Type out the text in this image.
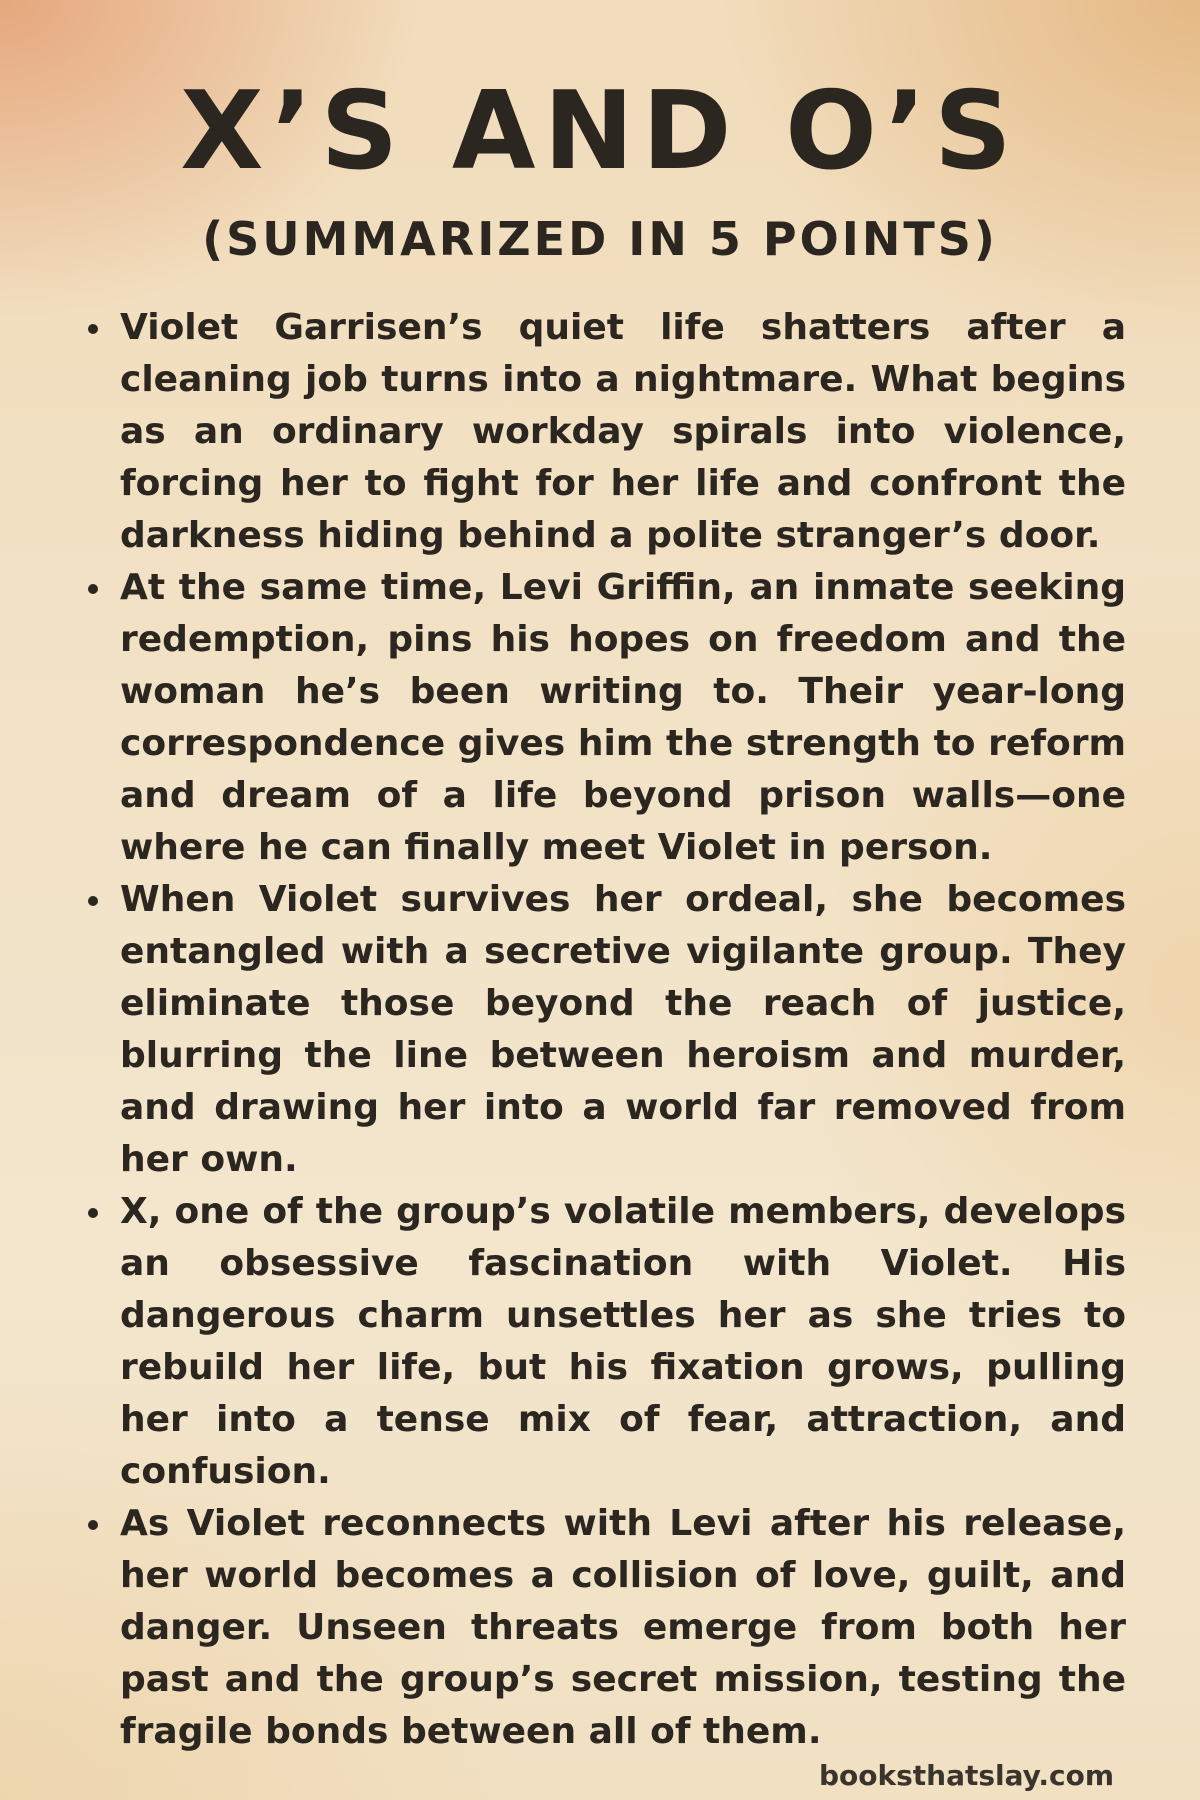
X’S AND O’S
(SUMMARIZED IN 5 POINTS)
Violet Garrisen’s quiet life shatters after a cleaning job turns into a nightmare. What begins as an ordinary workday spirals into violence, forcing her to fight for her life and confront the darkness hiding behind a polite stranger’s door.
At the same time, Levi Griffin, an inmate seeking redemption, pins his hopes on freedom and the woman he’s been writing to. Their year-long correspondence gives him the strength to reform and dream of a life beyond prison walls—one where he can finally meet Violet in person.
When Violet survives her ordeal, she becomes entangled with a secretive vigilante group. They eliminate those beyond the reach of justice, blurring the line between heroism and murder, and drawing her into a world far removed from her own.
X, one of the group’s volatile members, develops an obsessive fascination with Violet. His dangerous charm unsettles her as she tries to rebuild her life, but his fixation grows, pulling her into a tense mix of fear, attraction, and confusion.
As Violet reconnects with Levi after his release, her world becomes a collision of love, guilt, and danger. Unseen threats emerge from both her past and the group’s secret mission, testing the fragile bonds between all of them.
booksthatslay.com
